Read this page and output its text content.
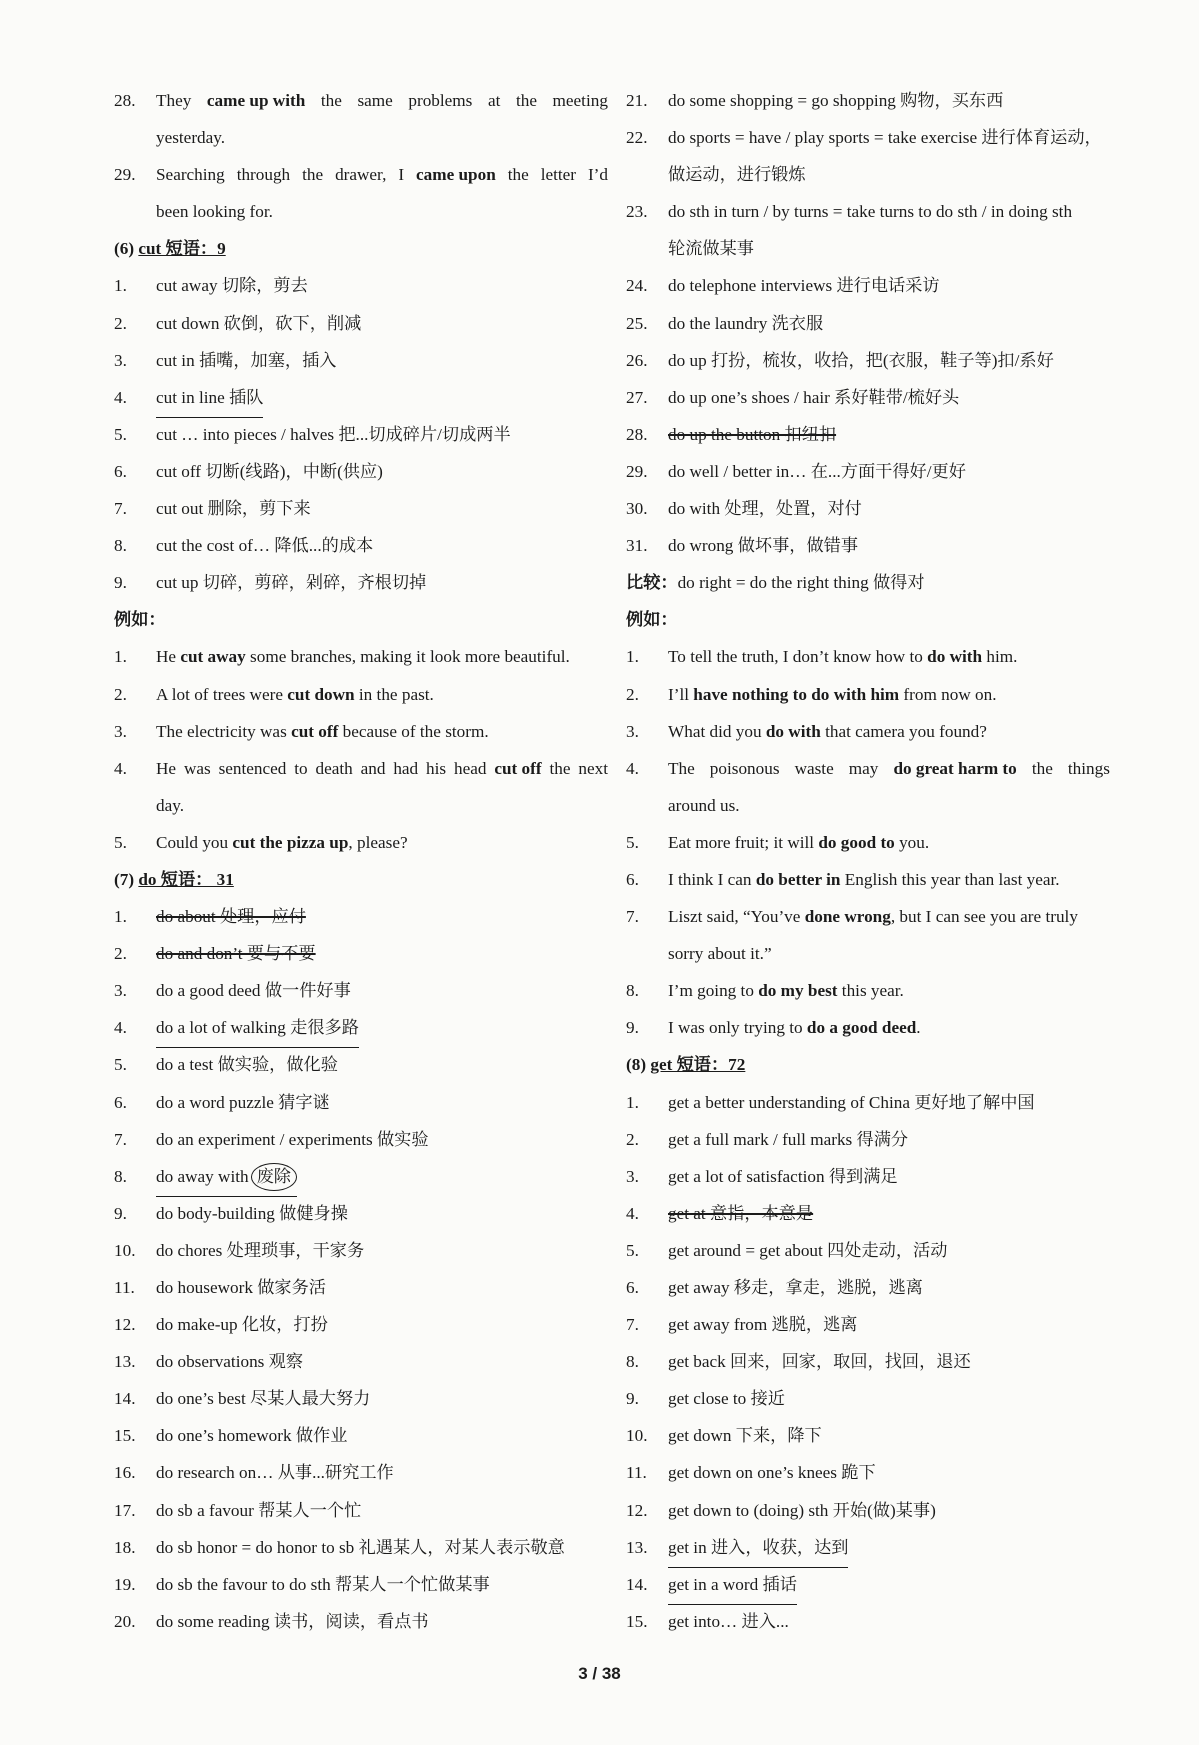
28.	They came up with the same problems at the meeting
yesterday.
29.	Searching through the drawer, I came upon the letter I’d
been looking for.
(6) cut 短语：9
1. cut away 切除，剪去
2. cut down 砍倒，砍下，削减
3. cut in 插嘴，加塞，插入
4. cut in line 插队
5. cut … into pieces / halves 把...切成碎片/切成两半
6. cut off 切断(线路)，中断(供应)
7. cut out 删除，剪下来
8. cut the cost of… 降低...的成本
9. cut up 切碎，剪碎，剁碎，齐根切掉
例如：
1. He cut away some branches, making it look more beautiful.
2. A lot of trees were cut down in the past.
3. The electricity was cut off because of the storm.
4.	He was sentenced to death and had his head cut off the next
day.
5. Could you cut the pizza up, please?
(7) do 短语： 31
1. do about 处理，应付
2. do and don’t 要与不要
3. do a good deed 做一件好事
4. do a lot of walking 走很多路
5. do a test 做实验，做化验
6. do a word puzzle 猜字谜
7. do an experiment / experiments 做实验
8. do away with 废除
9. do body-building 做健身操
10. do chores 处理琐事，干家务
11. do housework 做家务活
12. do make-up 化妆，打扮
13. do observations 观察
14. do one’s best 尽某人最大努力
15. do one’s homework 做作业
16. do research on… 从事...研究工作
17. do sb a favour 帮某人一个忙
18. do sb honor = do honor to sb 礼遇某人，对某人表示敬意
19. do sb the favour to do sth 帮某人一个忙做某事
20. do some reading 读书，阅读，看点书
21. do some shopping = go shopping 购物，买东西
22. do sports = have / play sports = take exercise 进行体育运动，
做运动，进行锻炼
23. do sth in turn / by turns = take turns to do sth / in doing sth
轮流做某事
24. do telephone interviews 进行电话采访
25. do the laundry 洗衣服
26. do up 打扮，梳妆，收拾，把(衣服，鞋子等)扣/系好
27. do up one’s shoes / hair 系好鞋带/梳好头
28. do up the button 扣纽扣
29. do well / better in… 在...方面干得好/更好
30. do with 处理，处置，对付
31. do wrong 做坏事，做错事
比较：do right = do the right thing 做得对
例如：
1. To tell the truth, I don’t know how to do with him.
2. I’ll have nothing to do with him from now on.
3. What did you do with that camera you found?
4.	The poisonous waste may do great harm to the things
around us.
5. Eat more fruit; it will do good to you.
6. I think I can do better in English this year than last year.
7. Liszt said, “You’ve done wrong, but I can see you are truly
sorry about it.”
8. I’m going to do my best this year.
9. I was only trying to do a good deed.
(8) get 短语：72
1. get a better understanding of China 更好地了解中国
2. get a full mark / full marks 得满分
3. get a lot of satisfaction 得到满足
4. get at 意指，本意是
5. get around = get about 四处走动，活动
6. get away 移走，拿走，逃脱，逃离
7. get away from 逃脱，逃离
8. get back 回来，回家，取回，找回，退还
9. get close to 接近
10. get down 下来，降下
11. get down on one’s knees 跪下
12. get down to (doing) sth 开始(做)某事)
13. get in 进入，收获，达到
14. get in a word 插话
15. get into… 进入...
3 / 38
